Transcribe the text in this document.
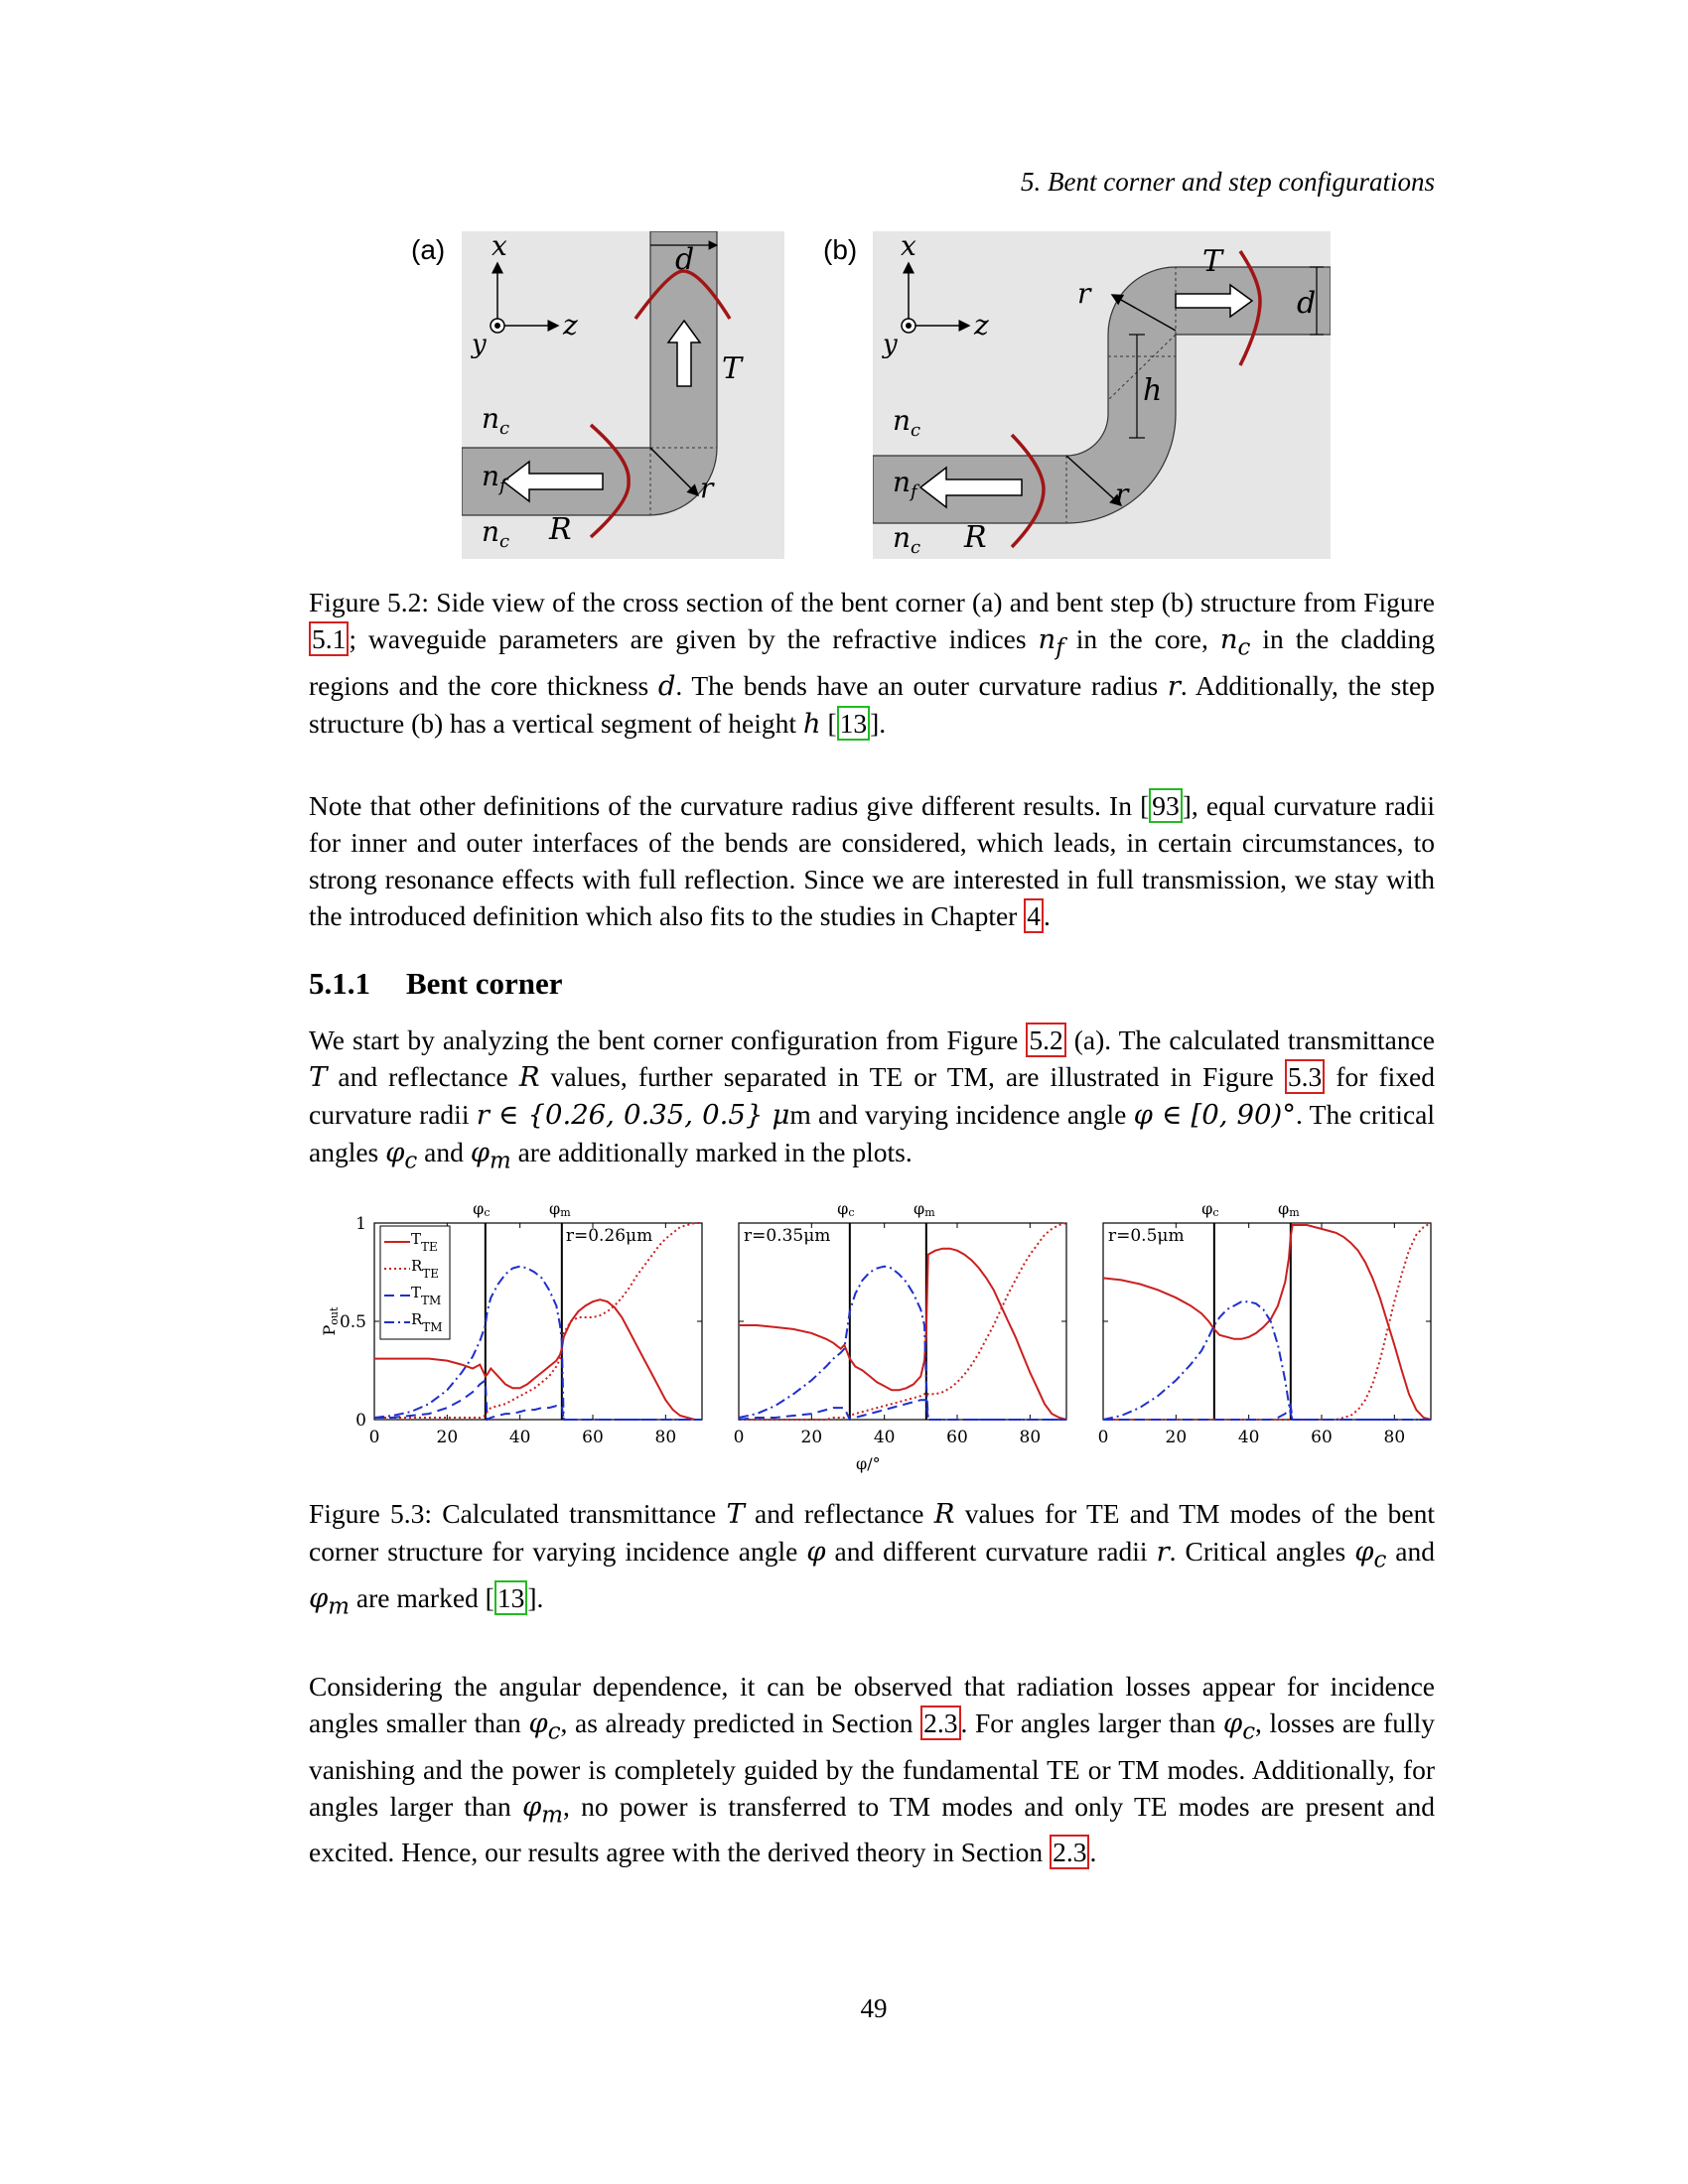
5. Bent corner and step configurations
(a)	(b)
x
y
z
d
T
R
r
$n_c$
$n_f$
$n_c$
x
y
z
d
T
R
r
r
h
$n_c$
$n_f$
$n_c$
Figure 5.2: Side view of the cross section of the bent corner (a) and bent step (b) structure from Figure 5.1 ; waveguide parameters are given by the refractive indices $n_f$ in the core, $n_c$ in the cladding regions and the core thickness d. The bends have an outer curvature radius r. Additionally, the step structure (b) has a vertical segment of height h [ 13 ].
Note that other definitions of the curvature radius give different results. In [ 93 ], equal curvature radii for inner and outer interfaces of the bends are considered, which leads, in certain circumstances, to strong resonance effects with full reflection. Since we are interested in full transmission, we stay with the introduced definition which also fits to the studies in Chapter 4 .
5.1.1 Bent corner
We start by analyzing the bent corner configuration from Figure 5.2 (a). The calculated transmittance T and reflectance R values, further separated in TE or TM, are illustrated in Figure 5.3 for fixed curvature radii r ∈ {0.26, 0.35, 0.5} μm and varying incidence angle φ ∈ [0, 90)°. The critical angles $\varphi_c$ and $\varphi_m$ are additionally marked in the plots.
0	20	40	60	80
0
0.5
1
φc	φm
r=0.26μm
0	20	40	60	80
φc	φm
r=0.35μm
0	20	40	60	80
φc	φm
r=0.5μm
$T_{TE}$
$R_{TE}$
$T_{TM}$
$R_{TM}$
Pout
φ/°
Figure 5.3: Calculated transmittance T and reflectance R values for TE and TM modes of the bent corner structure for varying incidence angle φ and different curvature radii r. Critical angles $\varphi_c$ and $\varphi_m$ are marked [ 13 ].
Considering the angular dependence, it can be observed that radiation losses appear for incidence angles smaller than $\varphi_c$, as already predicted in Section 2.3 . For angles larger than $\varphi_c$, losses are fully vanishing and the power is completely guided by the fundamental TE or TM modes. Additionally, for angles larger than $\varphi_m$, no power is transferred to TM modes and only TE modes are present and excited. Hence, our results agree with the derived theory in Section 2.3 .
49
